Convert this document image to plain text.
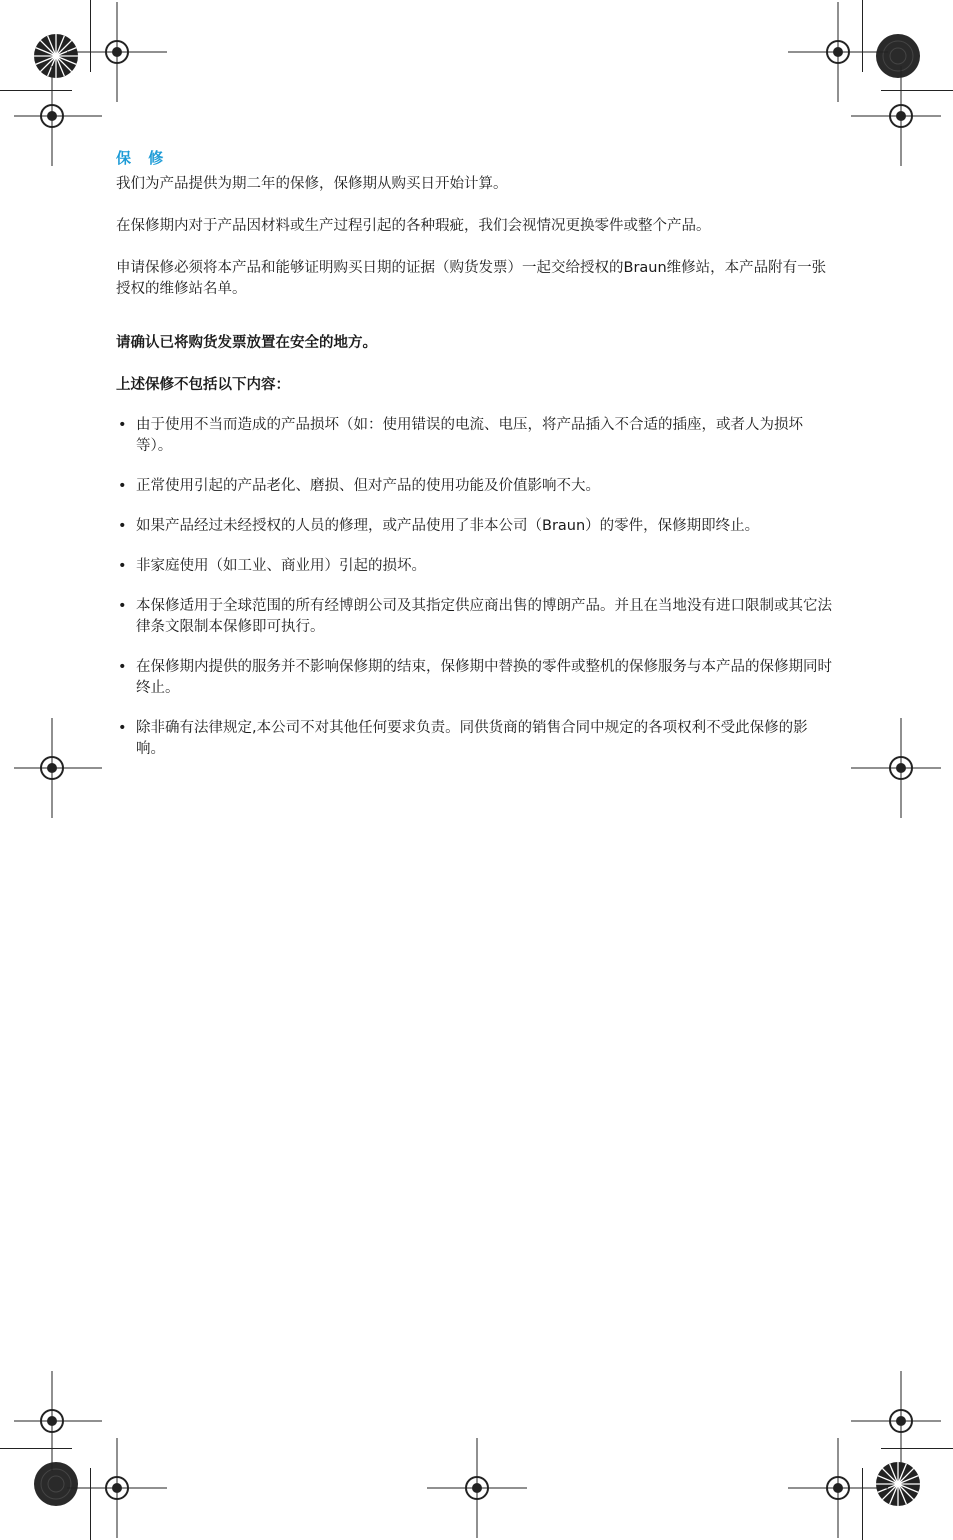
保 修

我们为产品提供为期二年的保修，保修期从购买日开始计算。

在保修期内对于产品因材料或生产过程引起的各种瑕疵，我们会视情况更换零件或整个产品。

申请保修必须将本产品和能够证明购买日期的证据（购货发票）一起交给授权的Braun维修站，本产品附有一张授权的维修站名单。

请确认已将购货发票放置在安全的地方。

上述保修不包括以下内容：

• 由于使用不当而造成的产品损坏（如：使用错误的电流、电压，将产品插入不合适的插座，或者人为损坏等）。
• 正常使用引起的产品老化、磨损、但对产品的使用功能及价值影响不大。
• 如果产品经过未经授权的人员的修理，或产品使用了非本公司（Braun）的零件，保修期即终止。
• 非家庭使用（如工业、商业用）引起的损坏。
• 本保修适用于全球范围的所有经博朗公司及其指定供应商出售的博朗产品。并且在当地没有进口限制或其它法律条文限制本保修即可执行。
• 在保修期内提供的服务并不影响保修期的结束，保修期中替换的零件或整机的保修服务与本产品的保修期同时终止。
• 除非确有法律规定,本公司不对其他任何要求负责。同供货商的销售合同中规定的各项权利不受此保修的影响。
